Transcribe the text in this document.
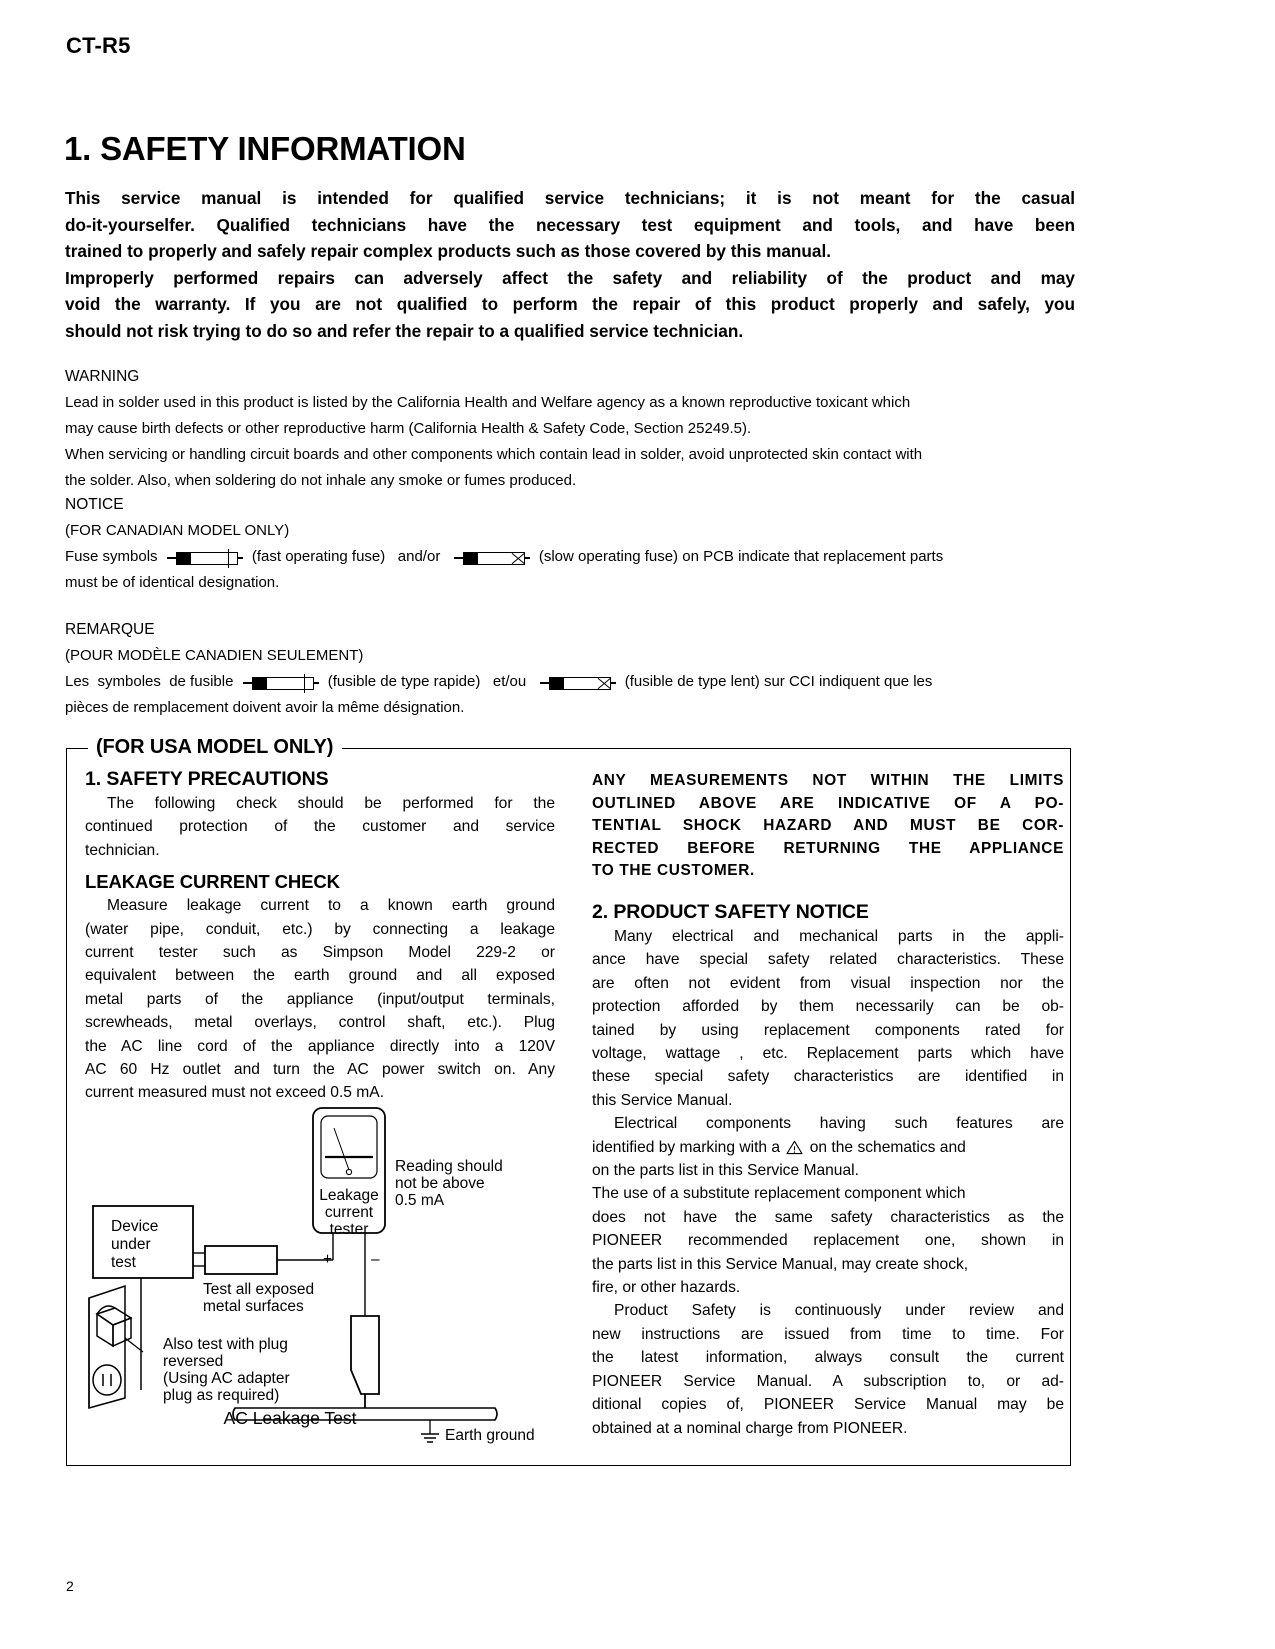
CT-R5
1. SAFETY INFORMATION
This service manual is intended for qualified service technicians; it is not meant for the casual
do-it-yourselfer. Qualified technicians have the necessary test equipment and tools, and have been
trained to properly and safely repair complex products such as those covered by this manual.
Improperly performed repairs can adversely affect the safety and reliability of the product and may
void the warranty. If you are not qualified to perform the repair of this product properly and safely, you
should not risk trying to do so and refer the repair to a qualified service technician.
WARNING
Lead in solder used in this product is listed by the California Health and Welfare agency as a known reproductive toxicant which
may cause birth defects or other reproductive harm (California Health & Safety Code, Section 25249.5).
When servicing or handling circuit boards and other components which contain lead in solder, avoid unprotected skin contact with
the solder. Also, when soldering do not inhale any smoke or fumes produced.
NOTICE
(FOR CANADIAN MODEL ONLY)
Fuse symbols	(fast operating fuse)   and/or	(slow operating fuse) on PCB indicate that replacement parts
must be of identical designation.
REMARQUE
(POUR MODÈLE CANADIEN SEULEMENT)
Les  symboles  de fusible	(fusible de type rapide)   et/ou	(fusible de type lent) sur CCI indiquent que les
pièces de remplacement doivent avoir la même désignation.
(FOR USA MODEL ONLY)
1. SAFETY PRECAUTIONS

The following check should be performed for the
continued protection of the customer and service
technician.

LEAKAGE CURRENT CHECK

Measure leakage current to a known earth ground
(water pipe, conduit, etc.) by connecting a leakage
current tester such as Simpson Model 229-2 or
equivalent between the earth ground and all exposed
metal parts of the appliance (input/output terminals,
screwheads, metal overlays, control shaft, etc.). Plug
the AC line cord of the appliance directly into a 120V
AC 60 Hz outlet and turn the AC power switch on. Any
current measured must not exceed 0.5 mA.

ANY MEASUREMENTS NOT WITHIN THE LIMITS
OUTLINED ABOVE ARE INDICATIVE OF A PO-
TENTIAL SHOCK HAZARD AND MUST BE COR-
RECTED BEFORE RETURNING THE APPLIANCE
TO THE CUSTOMER.

2. PRODUCT SAFETY NOTICE

Many electrical and mechanical parts in the appli-
ance have special safety related characteristics. These
are often not evident from visual inspection nor the
protection afforded by them necessarily can be ob-
tained by using replacement components rated for
voltage, wattage , etc. Replacement parts which have
these special safety characteristics are identified in
this Service Manual.

Electrical components having such features are
identified by marking with a
on the schematics and
on the parts list in this Service Manual.
The use of a substitute replacement component which
does not have the same safety characteristics as the
PIONEER recommended replacement one, shown in
the parts list in this Service Manual, may create shock,
fire, or other hazards.

Product Safety is continuously under review and
new instructions are issued from time to time. For
the latest information, always consult the current
PIONEER Service Manual. A subscription to, or ad-
ditional copies of, PIONEER Service Manual may be
obtained at a nominal charge from PIONEER.

Device
under
test
Leakage
current
tester
Reading should
not be above
0.5 mA
+	–
Test all exposed
metal surfaces
Also test with plug
reversed
(Using AC adapter
plug as required)
Earth ground
AC Leakage Test
2
